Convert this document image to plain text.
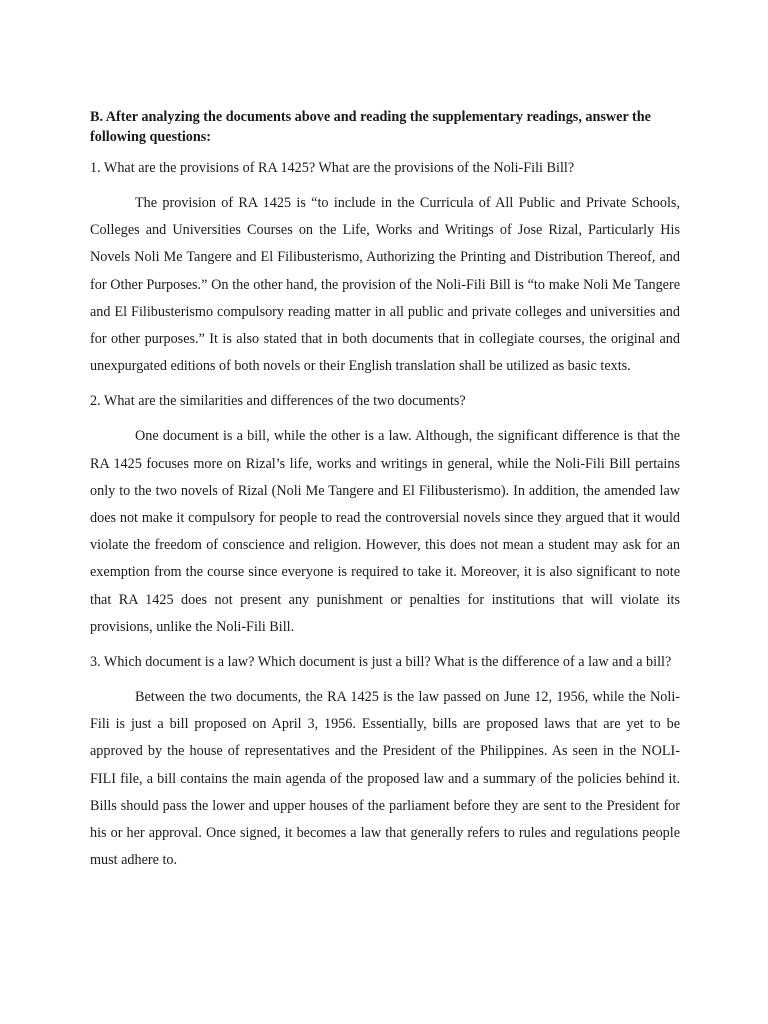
B. After analyzing the documents above and reading the supplementary readings, answer the following questions:

1. What are the provisions of RA 1425? What are the provisions of the Noli-Fili Bill?

The provision of RA 1425 is “to include in the Curricula of All Public and Private Schools, Colleges and Universities Courses on the Life, Works and Writings of Jose Rizal, Particularly His Novels Noli Me Tangere and El Filibusterismo, Authorizing the Printing and Distribution Thereof, and for Other Purposes.” On the other hand, the provision of the Noli-Fili Bill is “to make Noli Me Tangere and El Filibusterismo compulsory reading matter in all public and private colleges and universities and for other purposes.” It is also stated that in both documents that in collegiate courses, the original and unexpurgated editions of both novels or their English translation shall be utilized as basic texts.

2. What are the similarities and differences of the two documents?

One document is a bill, while the other is a law. Although, the significant difference is that the RA 1425 focuses more on Rizal’s life, works and writings in general, while the Noli-Fili Bill pertains only to the two novels of Rizal (Noli Me Tangere and El Filibusterismo). In addition, the amended law does not make it compulsory for people to read the controversial novels since they argued that it would violate the freedom of conscience and religion. However, this does not mean a student may ask for an exemption from the course since everyone is required to take it. Moreover, it is also significant to note that RA 1425 does not present any punishment or penalties for institutions that will violate its provisions, unlike the Noli-Fili Bill.

3. Which document is a law? Which document is just a bill? What is the difference of a law and a bill?

Between the two documents, the RA 1425 is the law passed on June 12, 1956, while the Noli-Fili is just a bill proposed on April 3, 1956. Essentially, bills are proposed laws that are yet to be approved by the house of representatives and the President of the Philippines. As seen in the NOLI-FILI file, a bill contains the main agenda of the proposed law and a summary of the policies behind it. Bills should pass the lower and upper houses of the parliament before they are sent to the President for his or her approval. Once signed, it becomes a law that generally refers to rules and regulations people must adhere to.
